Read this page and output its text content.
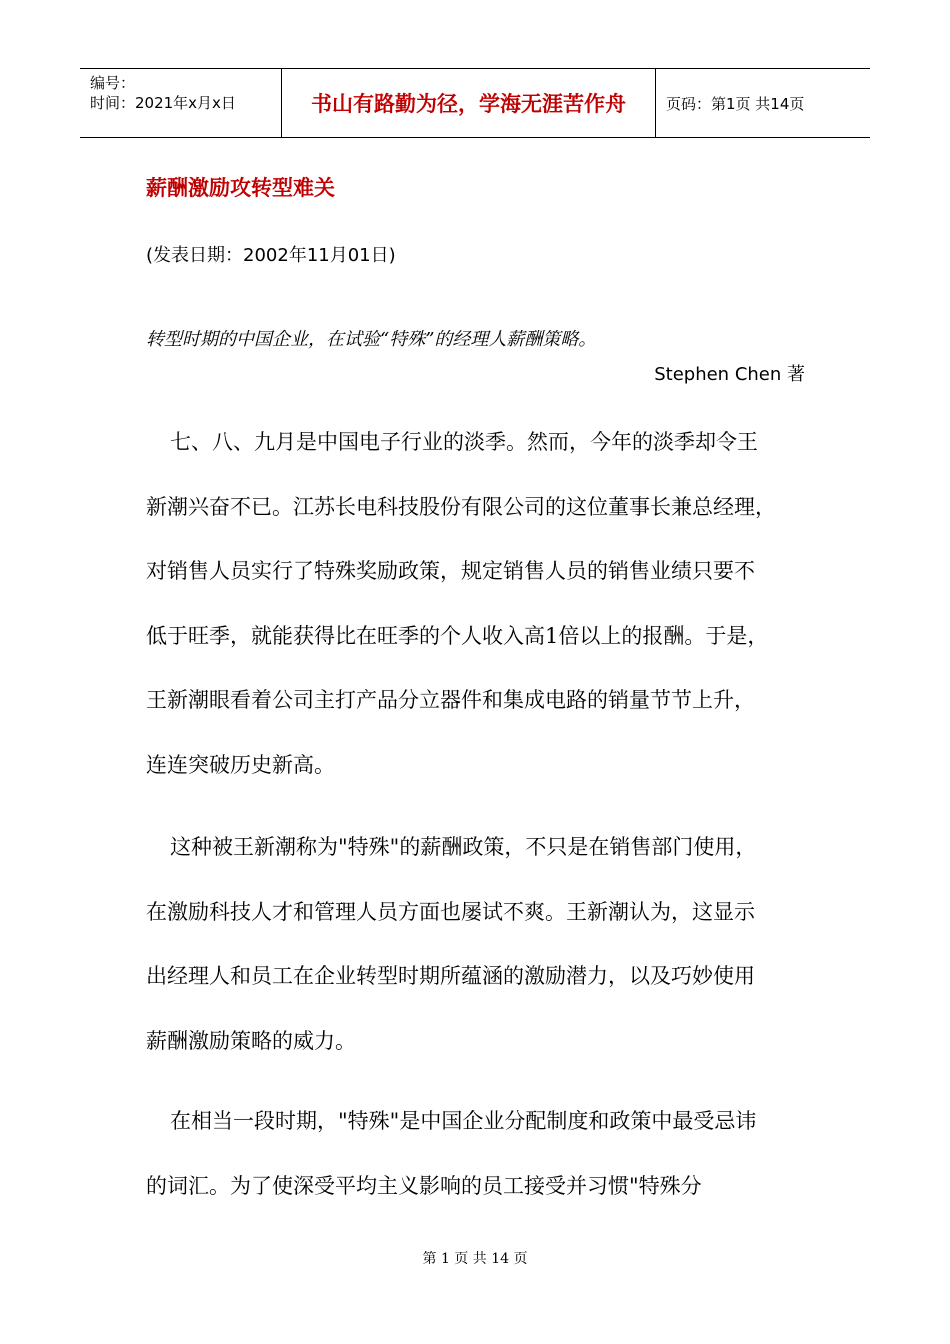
编号：
时间：2021年x月x日	书山有路勤为径，学海无涯苦作舟	页码：第1页 共14页
薪酬激励攻转型难关
(发表日期：2002年11月01日)
转型时期的中国企业，在试验“特殊”的经理人薪酬策略。
Stephen Chen 著
七、八、九月是中国电子行业的淡季。然而，今年的淡季却令王
新潮兴奋不已。江苏长电科技股份有限公司的这位董事长兼总经理，
对销售人员实行了特殊奖励政策，规定销售人员的销售业绩只要不
低于旺季，就能获得比在旺季的个人收入高1倍以上的报酬。于是，
王新潮眼看着公司主打产品分立器件和集成电路的销量节节上升，
连连突破历史新高。
这种被王新潮称为"特殊"的薪酬政策，不只是在销售部门使用，
在激励科技人才和管理人员方面也屡试不爽。王新潮认为，这显示
出经理人和员工在企业转型时期所蕴涵的激励潜力，以及巧妙使用
薪酬激励策略的威力。
在相当一段时期，"特殊"是中国企业分配制度和政策中最受忌讳
的词汇。为了使深受平均主义影响的员工接受并习惯"特殊分
第 1 页 共 14 页
